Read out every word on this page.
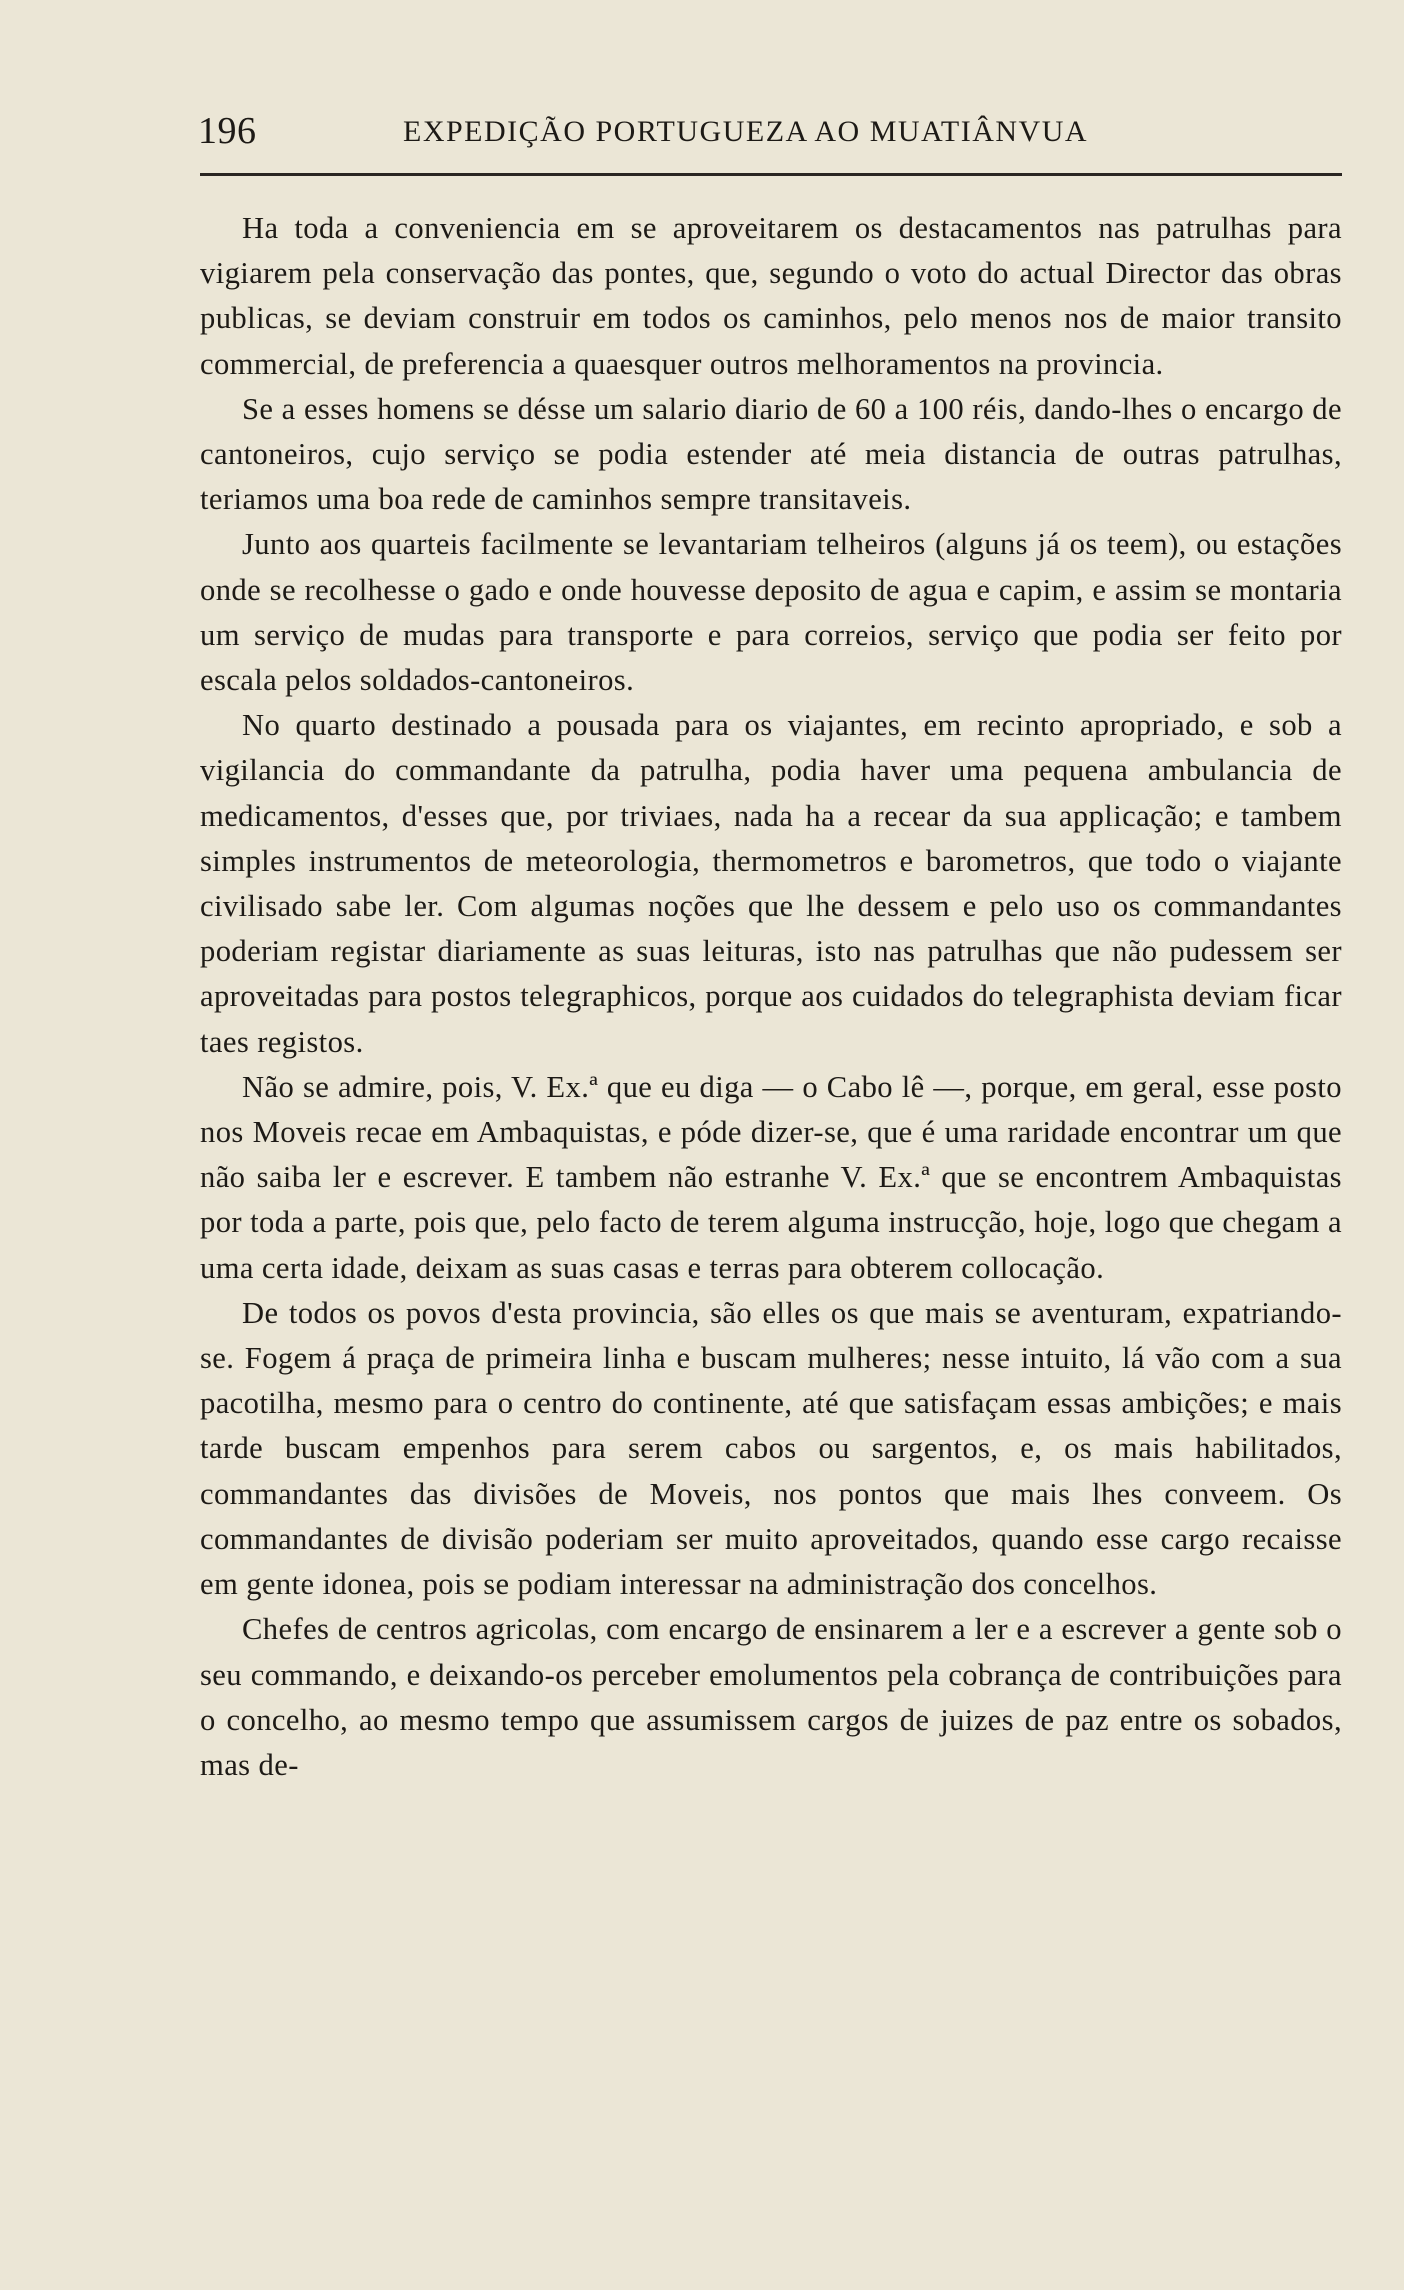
196	EXPEDIÇÃO PORTUGUEZA AO MUATIÂNVUA

Ha toda a conveniencia em se aproveitarem os destacamentos nas patrulhas para vigiarem pela conservação das pontes, que, segundo o voto do actual Director das obras publicas, se deviam construir em todos os caminhos, pelo menos nos de maior transito commercial, de preferencia a quaesquer outros melhoramentos na provincia.

Se a esses homens se désse um salario diario de 60 a 100 réis, dando-lhes o encargo de cantoneiros, cujo serviço se podia estender até meia distancia de outras patrulhas, teriamos uma boa rede de caminhos sempre transitaveis.

Junto aos quarteis facilmente se levantariam telheiros (alguns já os teem), ou estações onde se recolhesse o gado e onde houvesse deposito de agua e capim, e assim se montaria um serviço de mudas para transporte e para correios, serviço que podia ser feito por escala pelos soldados-cantoneiros.

No quarto destinado a pousada para os viajantes, em recinto apropriado, e sob a vigilancia do commandante da patrulha, podia haver uma pequena ambulancia de medicamentos, d'esses que, por triviaes, nada ha a recear da sua applicação; e tambem simples instrumentos de meteorologia, thermometros e barometros, que todo o viajante civilisado sabe ler. Com algumas noções que lhe dessem e pelo uso os commandantes poderiam registar diariamente as suas leituras, isto nas patrulhas que não pudessem ser aproveitadas para postos telegraphicos, porque aos cuidados do telegraphista deviam ficar taes registos.

Não se admire, pois, V. Ex.ª que eu diga — o Cabo lê —, porque, em geral, esse posto nos Moveis recae em Ambaquistas, e póde dizer-se, que é uma raridade encontrar um que não saiba ler e escrever. E tambem não estranhe V. Ex.ª que se encontrem Ambaquistas por toda a parte, pois que, pelo facto de terem alguma instrucção, hoje, logo que chegam a uma certa idade, deixam as suas casas e terras para obterem collocação.

De todos os povos d'esta provincia, são elles os que mais se aventuram, expatriando-se. Fogem á praça de primeira linha e buscam mulheres; nesse intuito, lá vão com a sua pacotilha, mesmo para o centro do continente, até que satisfaçam essas ambições; e mais tarde buscam empenhos para serem cabos ou sargentos, e, os mais habilitados, commandantes das divisões de Moveis, nos pontos que mais lhes conveem. Os commandantes de divisão poderiam ser muito aproveitados, quando esse cargo recaisse em gente idonea, pois se podiam interessar na administração dos concelhos.

Chefes de centros agricolas, com encargo de ensinarem a ler e a escrever a gente sob o seu commando, e deixando-os perceber emolumentos pela cobrança de contribuições para o concelho, ao mesmo tempo que assumissem cargos de juizes de paz entre os sobados, mas de-
